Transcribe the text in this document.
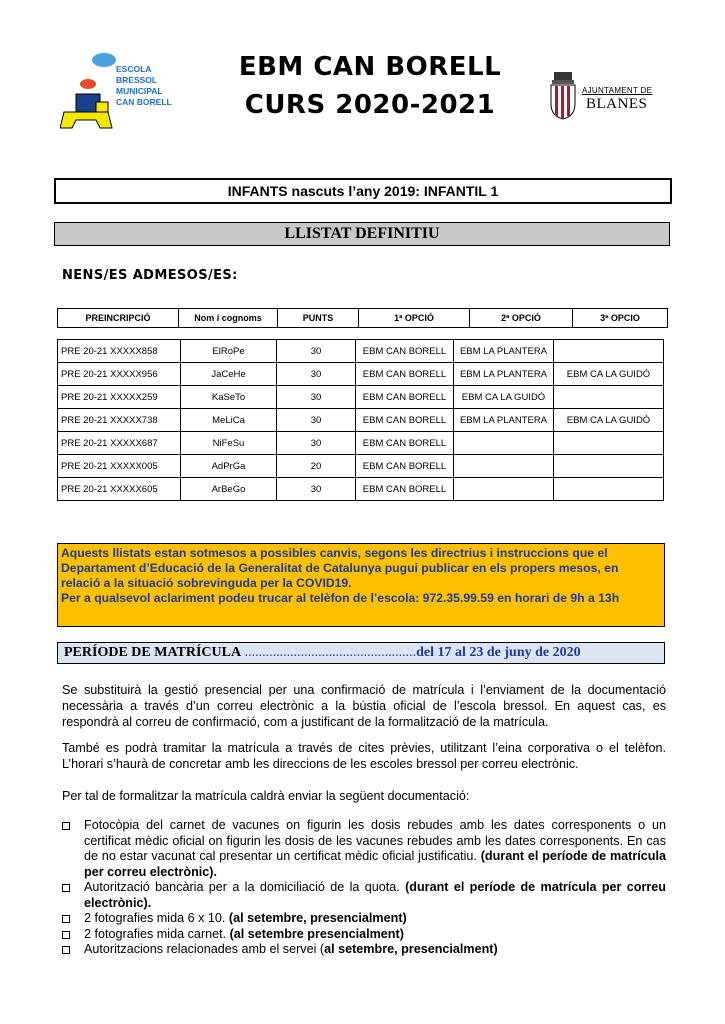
ESCOLA
BRESSOL
MUNICIPAL
CAN BORELL
EBM CAN BORELL
CURS 2020-2021	AJUNTAMENT DE
BLANES
INFANTS nascuts l’any 2019: INFANTIL 1
LLISTAT DEFINITIU
NENS/ES ADMESOS/ES:
PREINCRIPCIÓ	Nom i cognoms	PUNTS	1ª OPCIÓ	2ª OPCIÓ	3ª OPCIO
PRE 20-21 XXXXX858	ElRoPe	30	EBM CAN BORELL	EBM LA PLANTERA	
PRE 20-21 XXXXX956	JaCeHe	30	EBM CAN BORELL	EBM LA PLANTERA	EBM CA LA GUIDÓ
PRE 20-21 XXXXX259	KaSeTo	30	EBM CAN BORELL	EBM CA LA GUIDÓ	
PRE 20-21 XXXXX738	MeLiCa	30	EBM CAN BORELL	EBM LA PLANTERA	EBM CA LA GUIDÓ
PRE 20-21 XXXXX687	NiFeSu	30	EBM CAN BORELL		
PRE 20-21 XXXXX005	AdPrGa	20	EBM CAN BORELL		
PRE 20-21 XXXXX605	ArBeGo	30	EBM CAN BORELL		
Aquests llistats estan sotmesos a possibles canvis, segons les directrius i instruccions que el Departament d’Educació de la Generalitat de Catalunya pugui publicar en els propers mesos, en relació a la situació sobrevinguda per la COVID19.
Per a qualsevol aclariment podeu trucar al telèfon de l’escola: 972.35.99.59 en horari de 9h a 13h
PERÍODE DE MATRÍCULA .................................................del 17 al 23 de juny de 2020
Se substituirà la gestió presencial per una confirmació de matrícula i l’enviament de la documentació necessària a través d’un correu electrònic a la bústia oficial de l’escola bressol. En aquest cas, es respondrà al correu de confirmació, com a justificant de la formalització de la matrícula.
També es podrà tramitar la matrícula a través de cites prèvies, utilitzant l’eina corporativa o el telèfon. L’horari s’haurà de concretar amb les direccions de les escoles bressol per correu electrònic.
Per tal de formalitzar la matrícula caldrà enviar la següent documentació:
Fotocòpia del carnet de vacunes on figurin les dosis rebudes amb les dates corresponents o un certificat mèdic oficial on figurin les dosis de les vacunes rebudes amb les dates corresponents. En cas de no estar vacunat cal presentar un certificat mèdic oficial justificatiu. (durant el període de matrícula per correu electrònic).
Autorització bancària per a la domiciliació de la quota. (durant el període de matrícula per correu electrònic).
2 fotografies mida 6 x 10. (al setembre, presencialment)
2 fotografies mida carnet. (al setembre presencialment)
Autoritzacions relacionades amb el servei (al setembre, presencialment)
